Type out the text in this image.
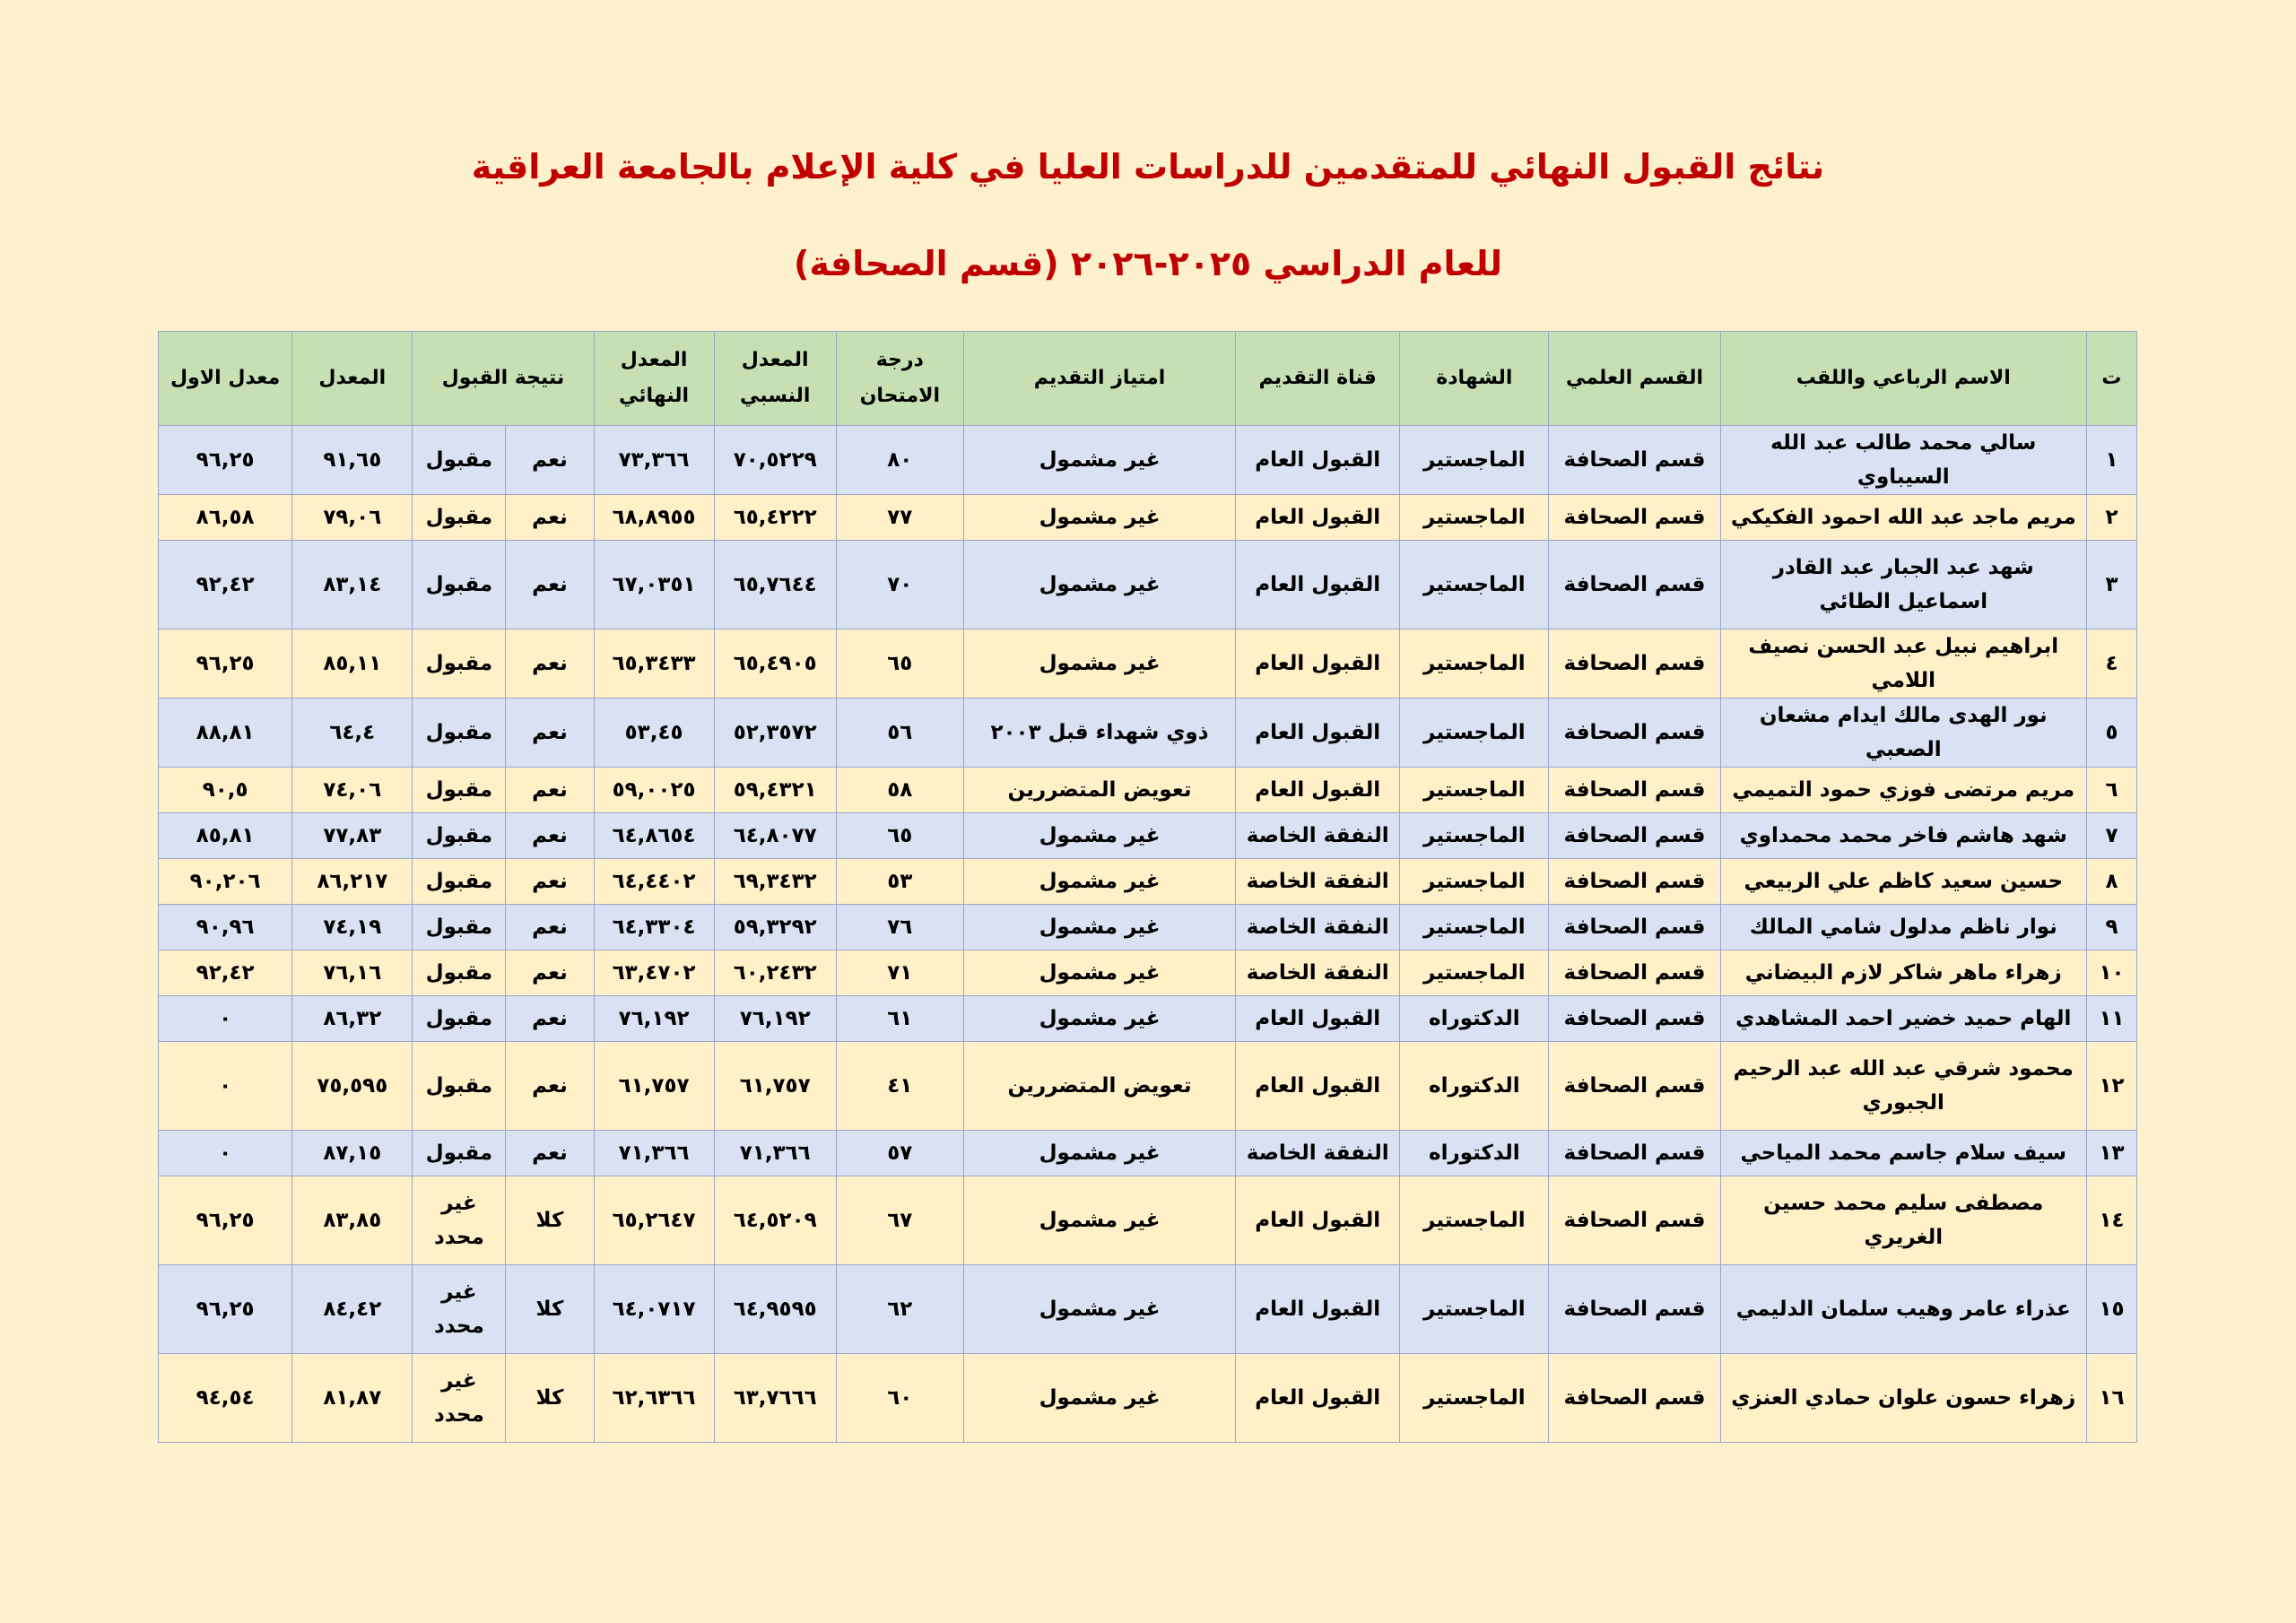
نتائج القبول النهائي للمتقدمين للدراسات العليا في كلية الإعلام بالجامعة العراقية
للعام الدراسي ٢٠٢٥-٢٠٢٦ (قسم الصحافة)
ت	الاسم الرباعي واللقب	القسم العلمي	الشهادة	قناة التقديم	امتياز التقديم	درجة الامتحان	المعدل النسبي	المعدل النهائي	نتيجة القبول		المعدل	معدل الاول
١	سالي محمد طالب عبد الله السيباوي	قسم الصحافة	الماجستير	القبول العام	غير مشمول	٨٠	٧٠,٥٢٢٩	٧٣,٣٦٦	نعم	مقبول	٩١,٦٥	٩٦,٢٥
٢	مريم ماجد عبد الله احمود الفكيكي	قسم الصحافة	الماجستير	القبول العام	غير مشمول	٧٧	٦٥,٤٢٢٢	٦٨,٨٩٥٥	نعم	مقبول	٧٩,٠٦	٨٦,٥٨
٣	شهد عبد الجبار عبد القادر اسماعيل الطائي	قسم الصحافة	الماجستير	القبول العام	غير مشمول	٧٠	٦٥,٧٦٤٤	٦٧,٠٣٥١	نعم	مقبول	٨٣,١٤	٩٢,٤٢
٤	ابراهيم نبيل عبد الحسن نصيف اللامي	قسم الصحافة	الماجستير	القبول العام	غير مشمول	٦٥	٦٥,٤٩٠٥	٦٥,٣٤٣٣	نعم	مقبول	٨٥,١١	٩٦,٢٥
٥	نور الهدى مالك ايدام مشعان الصعبي	قسم الصحافة	الماجستير	القبول العام	ذوي شهداء قبل ٢٠٠٣	٥٦	٥٢,٣٥٧٢	٥٣,٤٥	نعم	مقبول	٦٤,٤	٨٨,٨١
٦	مريم مرتضى فوزي حمود التميمي	قسم الصحافة	الماجستير	القبول العام	تعويض المتضررين	٥٨	٥٩,٤٣٢١	٥٩,٠٠٢٥	نعم	مقبول	٧٤,٠٦	٩٠,٥
٧	شهد هاشم فاخر محمد محمداوي	قسم الصحافة	الماجستير	النفقة الخاصة	غير مشمول	٦٥	٦٤,٨٠٧٧	٦٤,٨٦٥٤	نعم	مقبول	٧٧,٨٣	٨٥,٨١
٨	حسين سعيد كاظم علي الربيعي	قسم الصحافة	الماجستير	النفقة الخاصة	غير مشمول	٥٣	٦٩,٣٤٣٢	٦٤,٤٤٠٢	نعم	مقبول	٨٦,٢١٧	٩٠,٢٠٦
٩	نوار ناظم مدلول شامي المالك	قسم الصحافة	الماجستير	النفقة الخاصة	غير مشمول	٧٦	٥٩,٣٢٩٢	٦٤,٣٣٠٤	نعم	مقبول	٧٤,١٩	٩٠,٩٦
١٠	زهراء ماهر شاكر لازم البيضاني	قسم الصحافة	الماجستير	النفقة الخاصة	غير مشمول	٧١	٦٠,٢٤٣٢	٦٣,٤٧٠٢	نعم	مقبول	٧٦,١٦	٩٢,٤٢
١١	الهام حميد خضير احمد المشاهدي	قسم الصحافة	الدكتوراه	القبول العام	غير مشمول	٦١	٧٦,١٩٢	٧٦,١٩٢	نعم	مقبول	٨٦,٣٢	٠
١٢	محمود شرقي عبد الله عبد الرحيم الجبوري	قسم الصحافة	الدكتوراه	القبول العام	تعويض المتضررين	٤١	٦١,٧٥٧	٦١,٧٥٧	نعم	مقبول	٧٥,٥٩٥	٠
١٣	سيف سلام جاسم محمد المياحي	قسم الصحافة	الدكتوراه	النفقة الخاصة	غير مشمول	٥٧	٧١,٣٦٦	٧١,٣٦٦	نعم	مقبول	٨٧,١٥	٠
١٤	مصطفى سليم محمد حسين الغريري	قسم الصحافة	الماجستير	القبول العام	غير مشمول	٦٧	٦٤,٥٢٠٩	٦٥,٢٦٤٧	كلا	غير محدد	٨٣,٨٥	٩٦,٢٥
١٥	عذراء عامر وهيب سلمان الدليمي	قسم الصحافة	الماجستير	القبول العام	غير مشمول	٦٢	٦٤,٩٥٩٥	٦٤,٠٧١٧	كلا	غير محدد	٨٤,٤٢	٩٦,٢٥
١٦	زهراء حسون علوان حمادي العنزي	قسم الصحافة	الماجستير	القبول العام	غير مشمول	٦٠	٦٣,٧٦٦٦	٦٢,٦٣٦٦	كلا	غير محدد	٨١,٨٧	٩٤,٥٤
